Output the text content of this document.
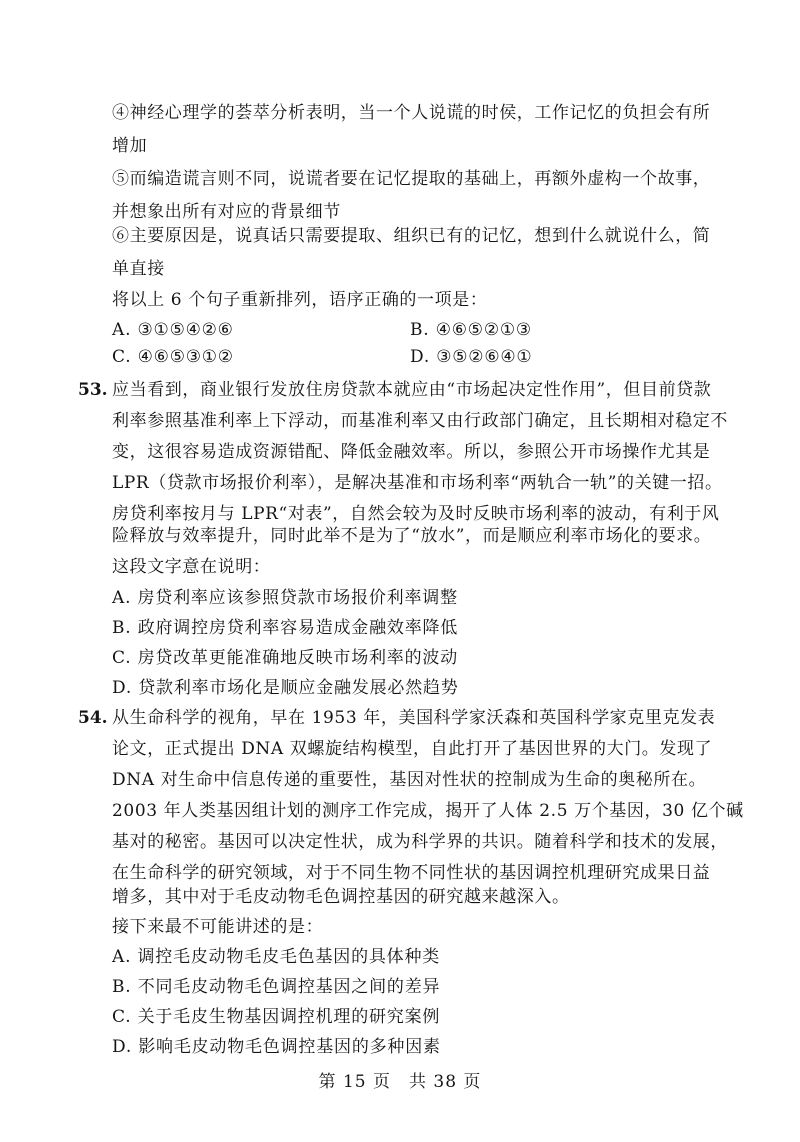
④神经心理学的荟萃分析表明，当一个人说谎的时侯，工作记忆的负担会有所
增加
⑤而编造谎言则不同，说谎者要在记忆提取的基础上，再额外虚构一个故事，
并想象出所有对应的背景细节
⑥主要原因是，说真话只需要提取、组织已有的记忆，想到什么就说什么，简
单直接
将以上 6 个句子重新排列，语序正确的一项是：
A. ③①⑤④②⑥	B. ④⑥⑤②①③
C. ④⑥⑤③①②	D. ③⑤②⑥④①
53. 应当看到，商业银行发放住房贷款本就应由“市场起决定性作用”，但目前贷款
利率参照基准利率上下浮动，而基准利率又由行政部门确定，且长期相对稳定不
变，这很容易造成资源错配、降低金融效率。所以，参照公开市场操作尤其是
LPR（贷款市场报价利率），是解决基准和市场利率“两轨合一轨”的关键一招。
房贷利率按月与 LPR“对表”，自然会较为及时反映市场利率的波动，有利于风
险释放与效率提升，同时此举不是为了“放水”，而是顺应利率市场化的要求。
这段文字意在说明：
A. 房贷利率应该参照贷款市场报价利率调整
B. 政府调控房贷利率容易造成金融效率降低
C. 房贷改革更能准确地反映市场利率的波动
D. 贷款利率市场化是顺应金融发展必然趋势
54. 从生命科学的视角，早在 1953 年，美国科学家沃森和英国科学家克里克发表
论文，正式提出 DNA 双螺旋结构模型，自此打开了基因世界的大门。发现了
DNA 对生命中信息传递的重要性，基因对性状的控制成为生命的奥秘所在。
2003 年人类基因组计划的测序工作完成，揭开了人体 2.5 万个基因，30 亿个碱
基对的秘密。基因可以决定性状，成为科学界的共识。随着科学和技术的发展，
在生命科学的研究领域，对于不同生物不同性状的基因调控机理研究成果日益
增多，其中对于毛皮动物毛色调控基因的研究越来越深入。
接下来最不可能讲述的是：
A. 调控毛皮动物毛皮毛色基因的具体种类
B. 不同毛皮动物毛色调控基因之间的差异
C. 关于毛皮生物基因调控机理的研究案例
D. 影响毛皮动物毛色调控基因的多种因素
第 15 页　共 38 页
